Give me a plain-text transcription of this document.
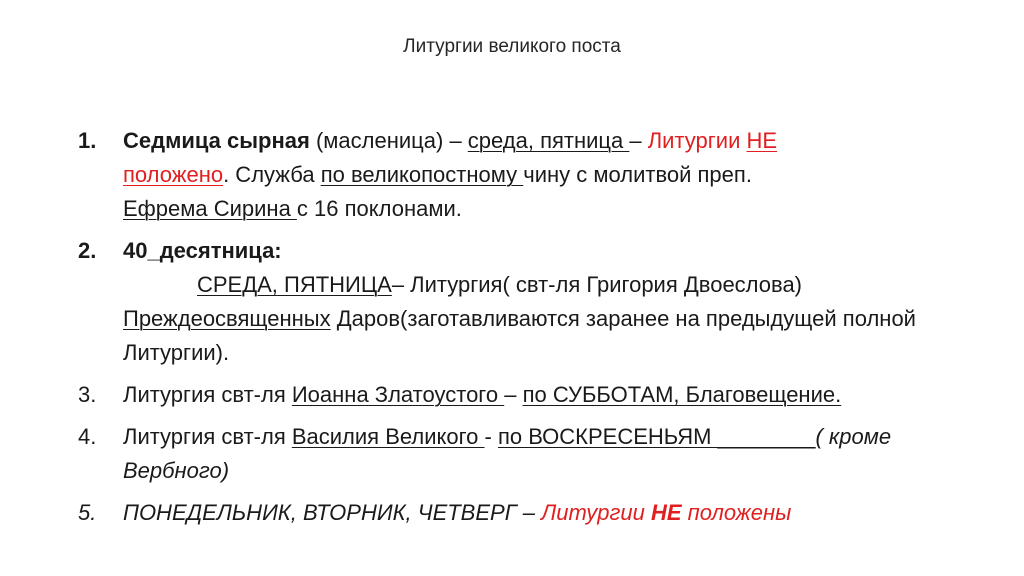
Литургии великого поста
1. Седмица сырная (масленица) – среда, пятница – Литургии НЕ
положено. Служба по великопостному чину с молитвой преп.
Ефрема Сирина с 16 поклонами.
2. 40_десятница:
СРЕДА, ПЯТНИЦА– Литургия( свт-ля Григория Двоеслова)
Преждеосвященных Даров(заготавливаются заранее на предыдущей полной Литургии).
3. Литургия свт-ля Иоанна Златоустого – по СУББОТАМ, Благовещение.
4. Литургия свт-ля Василия Великого - по ВОСКРЕСЕНЬЯМ ________( кроме Вербного)
5. ПОНЕДЕЛЬНИК, ВТОРНИК, ЧЕТВЕРГ – Литургии НЕ положены
